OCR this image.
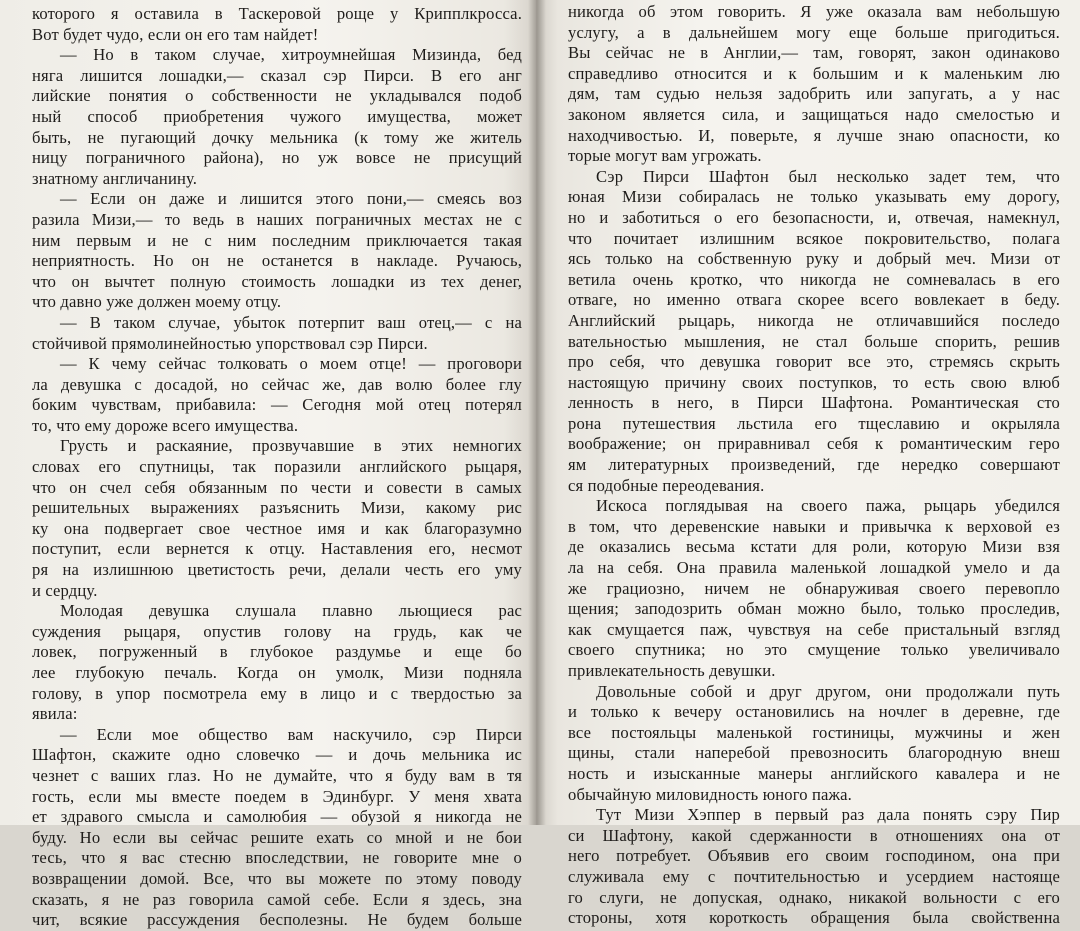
которого я оставила в Таскеровой роще у Крипплкросса.
Вот будет чудо, если он его там найдет!
— Но в таком случае, хитроумнейшая Мизинда, бед
няга лишится лошадки,— сказал сэр Пирси. В его анг
лийские понятия о собственности не укладывался подоб
ный способ приобретения чужого имущества, может
быть, не пугающий дочку мельника (к тому же житель
ницу пограничного района), но уж вовсе не присущий
знатному англичанину.
— Если он даже и лишится этого пони,— смеясь воз
разила Мизи,— то ведь в наших пограничных местах не с
ним первым и не с ним последним приключается такая
неприятность. Но он не останется в накладе. Ручаюсь,
что он вычтет полную стоимость лошадки из тех денег,
что давно уже должен моему отцу.
— В таком случае, убыток потерпит ваш отец,— с на
стойчивой прямолинейностью упорствовал сэр Пирси.
— К чему сейчас толковать о моем отце! — проговори
ла девушка с досадой, но сейчас же, дав волю более глу
боким чувствам, прибавила: — Сегодня мой отец потерял
то, что ему дороже всего имущества.
Грусть и раскаяние, прозвучавшие в этих немногих
словах его спутницы, так поразили английского рыцаря,
что он счел себя обязанным по чести и совести в самых
решительных выражениях разъяснить Мизи, какому рис
ку она подвергает свое честное имя и как благоразумно
поступит, если вернется к отцу. Наставления его, несмот
ря на излишнюю цветистость речи, делали честь его уму
и сердцу.
Молодая девушка слушала плавно льющиеся рас
суждения рыцаря, опустив голову на грудь, как че
ловек, погруженный в глубокое раздумье и еще бо
лее глубокую печаль. Когда он умолк, Мизи подняла
голову, в упор посмотрела ему в лицо и с твердостью за
явила:
— Если мое общество вам наскучило, сэр Пирси
Шафтон, скажите одно словечко — и дочь мельника ис
чезнет с ваших глаз. Но не думайте, что я буду вам в тя
гость, если мы вместе поедем в Эдинбург. У меня хвата
ет здравого смысла и самолюбия — обузой я никогда не
буду. Но если вы сейчас решите ехать со мной и не бои
тесь, что я вас стесню впоследствии, не говорите мне о
возвращении домой. Все, что вы можете по этому поводу
сказать, я не раз говорила самой себе. Если я здесь, зна
чит, всякие рассуждения бесполезны. Не будем больше
никогда об этом говорить. Я уже оказала вам небольшую
услугу, а в дальнейшем могу еще больше пригодиться.
Вы сейчас не в Англии,— там, говорят, закон одинаково
справедливо относится и к большим и к маленьким лю
дям, там судью нельзя задобрить или запугать, а у нас
законом является сила, и защищаться надо смелостью и
находчивостью. И, поверьте, я лучше знаю опасности, ко
торые могут вам угрожать.
Сэр Пирси Шафтон был несколько задет тем, что
юная Мизи собиралась не только указывать ему дорогу,
но и заботиться о его безопасности, и, отвечая, намекнул,
что почитает излишним всякое покровительство, полага
ясь только на собственную руку и добрый меч. Мизи от
ветила очень кротко, что никогда не сомневалась в его
отваге, но именно отвага скорее всего вовлекает в беду.
Английский рыцарь, никогда не отличавшийся последо
вательностью мышления, не стал больше спорить, решив
про себя, что девушка говорит все это, стремясь скрыть
настоящую причину своих поступков, то есть свою влюб
ленность в него, в Пирси Шафтона. Романтическая сто
рона путешествия льстила его тщеславию и окрыляла
воображение; он приравнивал себя к романтическим геро
ям литературных произведений, где нередко совершают
ся подобные переодевания.
Искоса поглядывая на своего пажа, рыцарь убедился
в том, что деревенские навыки и привычка к верховой ез
де оказались весьма кстати для роли, которую Мизи взя
ла на себя. Она правила маленькой лошадкой умело и да
же грациозно, ничем не обнаруживая своего перевопло
щения; заподозрить обман можно было, только проследив,
как смущается паж, чувствуя на себе пристальный взгляд
своего спутника; но это смущение только увеличивало
привлекательность девушки.
Довольные собой и друг другом, они продолжали путь
и только к вечеру остановились на ночлег в деревне, где
все постояльцы маленькой гостиницы, мужчины и жен
щины, стали наперебой превозносить благородную внеш
ность и изысканные манеры английского кавалера и не
обычайную миловидность юного пажа.
Тут Мизи Хэппер в первый раз дала понять сэру Пир
си Шафтону, какой сдержанности в отношениях она от
него потребует. Объявив его своим господином, она при
служивала ему с почтительностью и усердием настояще
го слуги, не допуская, однако, никакой вольности с его
стороны, хотя короткость обращения была свойственна
